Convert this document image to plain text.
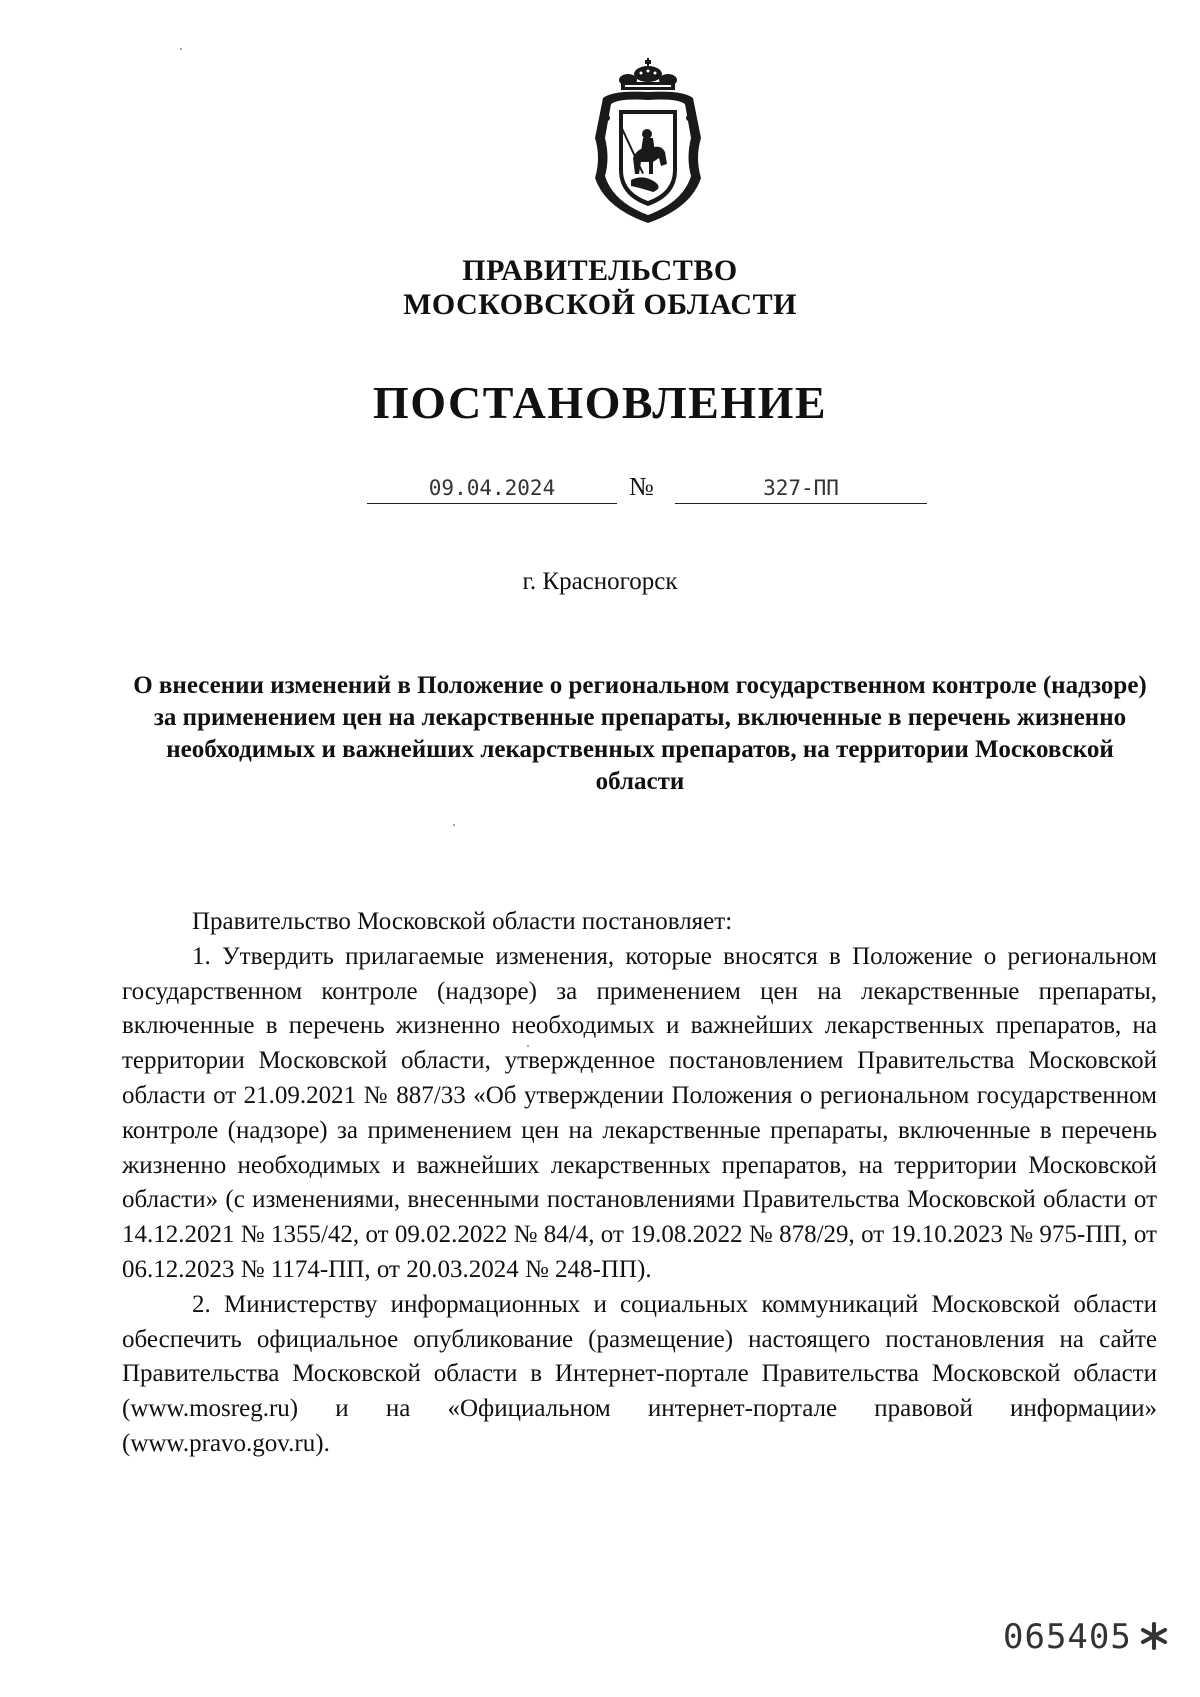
ПРАВИТЕЛЬСТВО
МОСКОВСКОЙ ОБЛАСТИ
ПОСТАНОВЛЕНИЕ
09.04.2024	№	327-ПП
г. Красногорск
О внесении изменений в Положение о региональном государственном контроле (надзоре) за применением цен на лекарственные препараты, включенные в перечень жизненно необходимых и важнейших лекарственных препаратов, на территории Московской области

Правительство Московской области постановляет:

1. Утвердить прилагаемые изменения, которые вносятся в Положение о региональном государственном контроле (надзоре) за применением цен на лекарственные препараты, включенные в перечень жизненно необходимых и важнейших лекарственных препаратов, на территории Московской области, утвержденное постановлением Правительства Московской области от 21.09.2021 № 887/33 «Об утверждении Положения о региональном государственном контроле (надзоре) за применением цен на лекарственные препараты, включенные в перечень жизненно необходимых и важнейших лекарственных препаратов, на территории Московской области» (с изменениями, внесенными постановлениями Правительства Московской области от 14.12.2021 № 1355/42, от 09.02.2022 № 84/4, от 19.08.2022 № 878/29, от 19.10.2023 № 975-ПП, от 06.12.2023 № 1174-ПП, от 20.03.2024 № 248-ПП).

2. Министерству информационных и социальных коммуникаций Московской области обеспечить официальное опубликование (размещение) настоящего постановления на сайте Правительства Московской области в Интернет-портале Правительства Московской области (www.mosreg.ru) и на «Официальном интернет-портале правовой информации» (www.pravo.gov.ru).

065405
